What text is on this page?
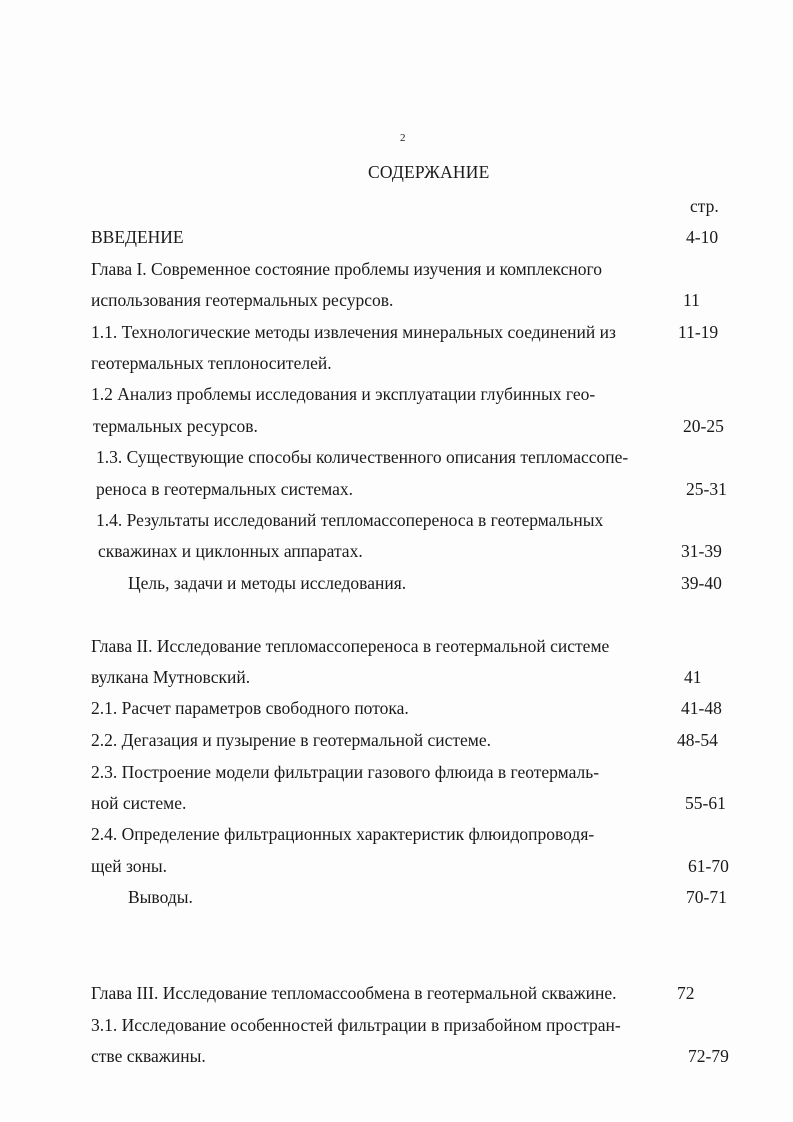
2
СОДЕРЖАНИЕ
стр.
ВВЕДЕНИЕ	4-10
Глава I. Современное состояние проблемы изучения и комплексного
использования геотермальных ресурсов.	11
1.1. Технологические методы извлечения минеральных соединений из	11-19
геотермальных теплоносителей.
1.2 Анализ проблемы исследования и эксплуатации глубинных гео-
термальных ресурсов.	20-25
1.3. Существующие способы количественного описания тепломассопе-
реноса в геотермальных системах.	25-31
1.4. Результаты исследований тепломассопереноса в геотермальных
скважинах и циклонных аппаратах.	31-39
Цель, задачи и методы исследования.	39-40
Глава II. Исследование тепломассопереноса в геотермальной системе
вулкана Мутновский.	41
2.1. Расчет параметров свободного потока.	41-48
2.2. Дегазация и пузырение в геотермальной системе.	48-54
2.3. Построение модели фильтрации газового флюида в геотермаль-
ной системе.	55-61
2.4. Определение фильтрационных характеристик флюидопроводя-
щей зоны.	61-70
Выводы.	70-71
Глава III. Исследование тепломассообмена в геотермальной скважине.	72
3.1. Исследование особенностей фильтрации в призабойном простран-
стве скважины.	72-79
